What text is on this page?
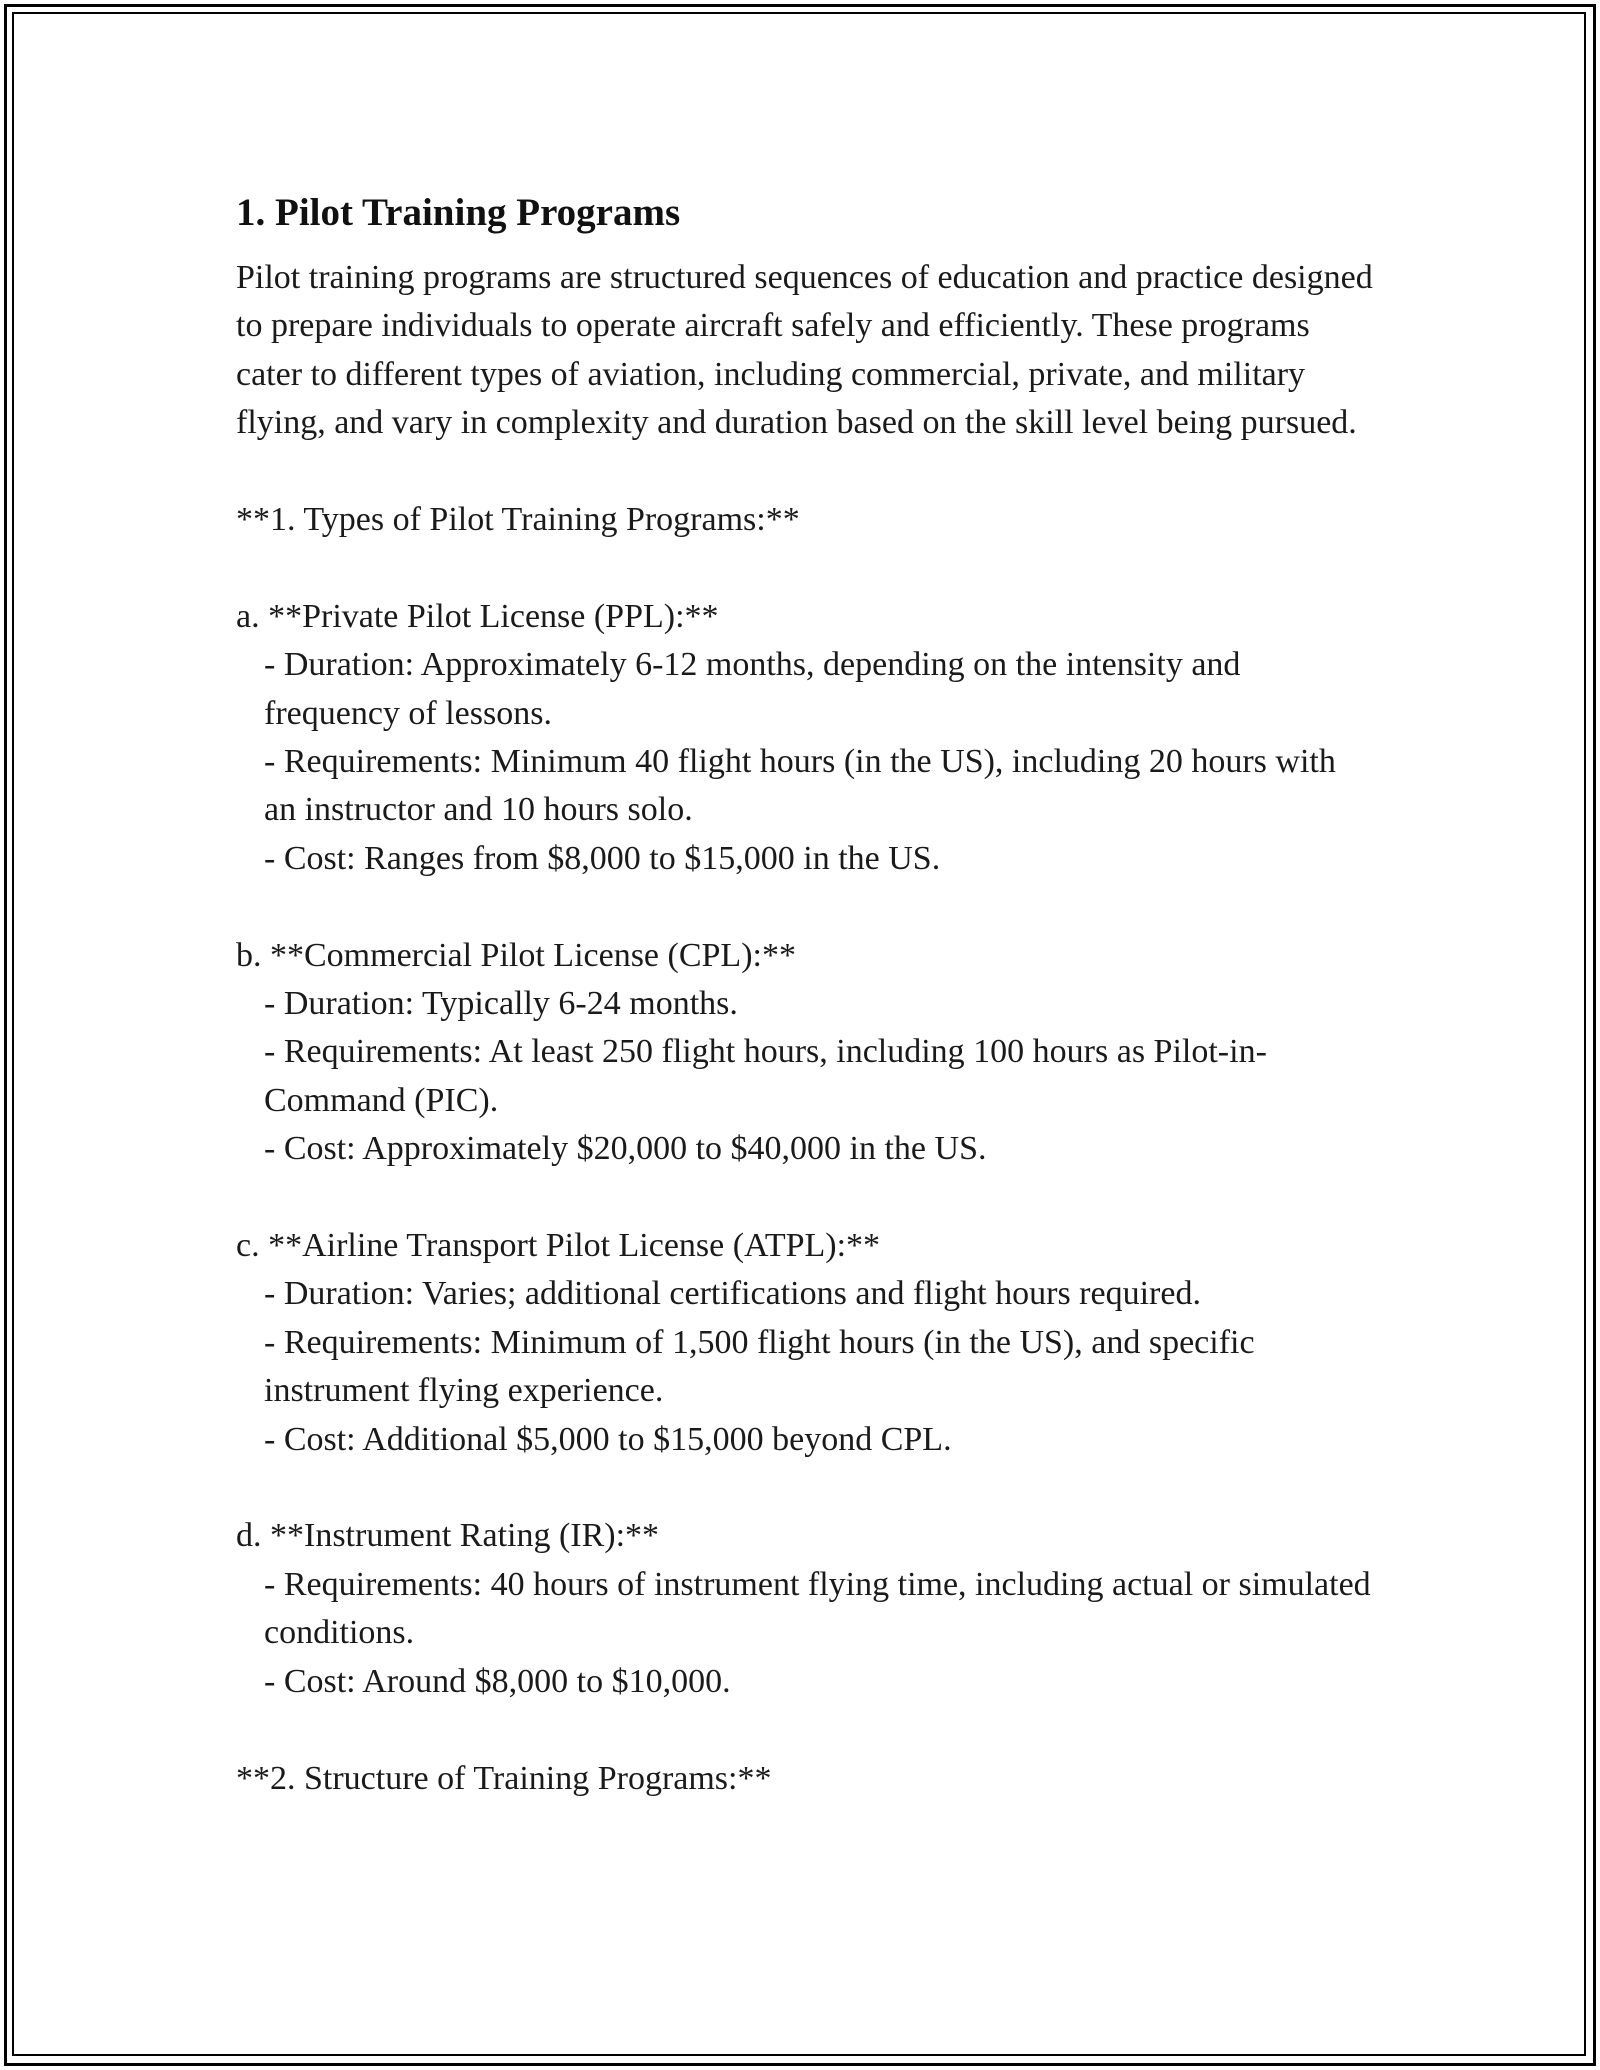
1. Pilot Training Programs

Pilot training programs are structured sequences of education and practice designed to prepare individuals to operate aircraft safely and efficiently. These programs cater to different types of aviation, including commercial, private, and military flying, and vary in complexity and duration based on the skill level being pursued.

**1. Types of Pilot Training Programs:**

a. **Private Pilot License (PPL):**

- Duration: Approximately 6-12 months, depending on the intensity and frequency of lessons.

- Requirements: Minimum 40 flight hours (in the US), including 20 hours with an instructor and 10 hours solo.

- Cost: Ranges from $8,000 to $15,000 in the US.

b. **Commercial Pilot License (CPL):**

- Duration: Typically 6-24 months.

- Requirements: At least 250 flight hours, including 100 hours as Pilot-in-Command (PIC).

- Cost: Approximately $20,000 to $40,000 in the US.

c. **Airline Transport Pilot License (ATPL):**

- Duration: Varies; additional certifications and flight hours required.

- Requirements: Minimum of 1,500 flight hours (in the US), and specific instrument flying experience.

- Cost: Additional $5,000 to $15,000 beyond CPL.

d. **Instrument Rating (IR):**

- Requirements: 40 hours of instrument flying time, including actual or simulated conditions.

- Cost: Around $8,000 to $10,000.

**2. Structure of Training Programs:**
